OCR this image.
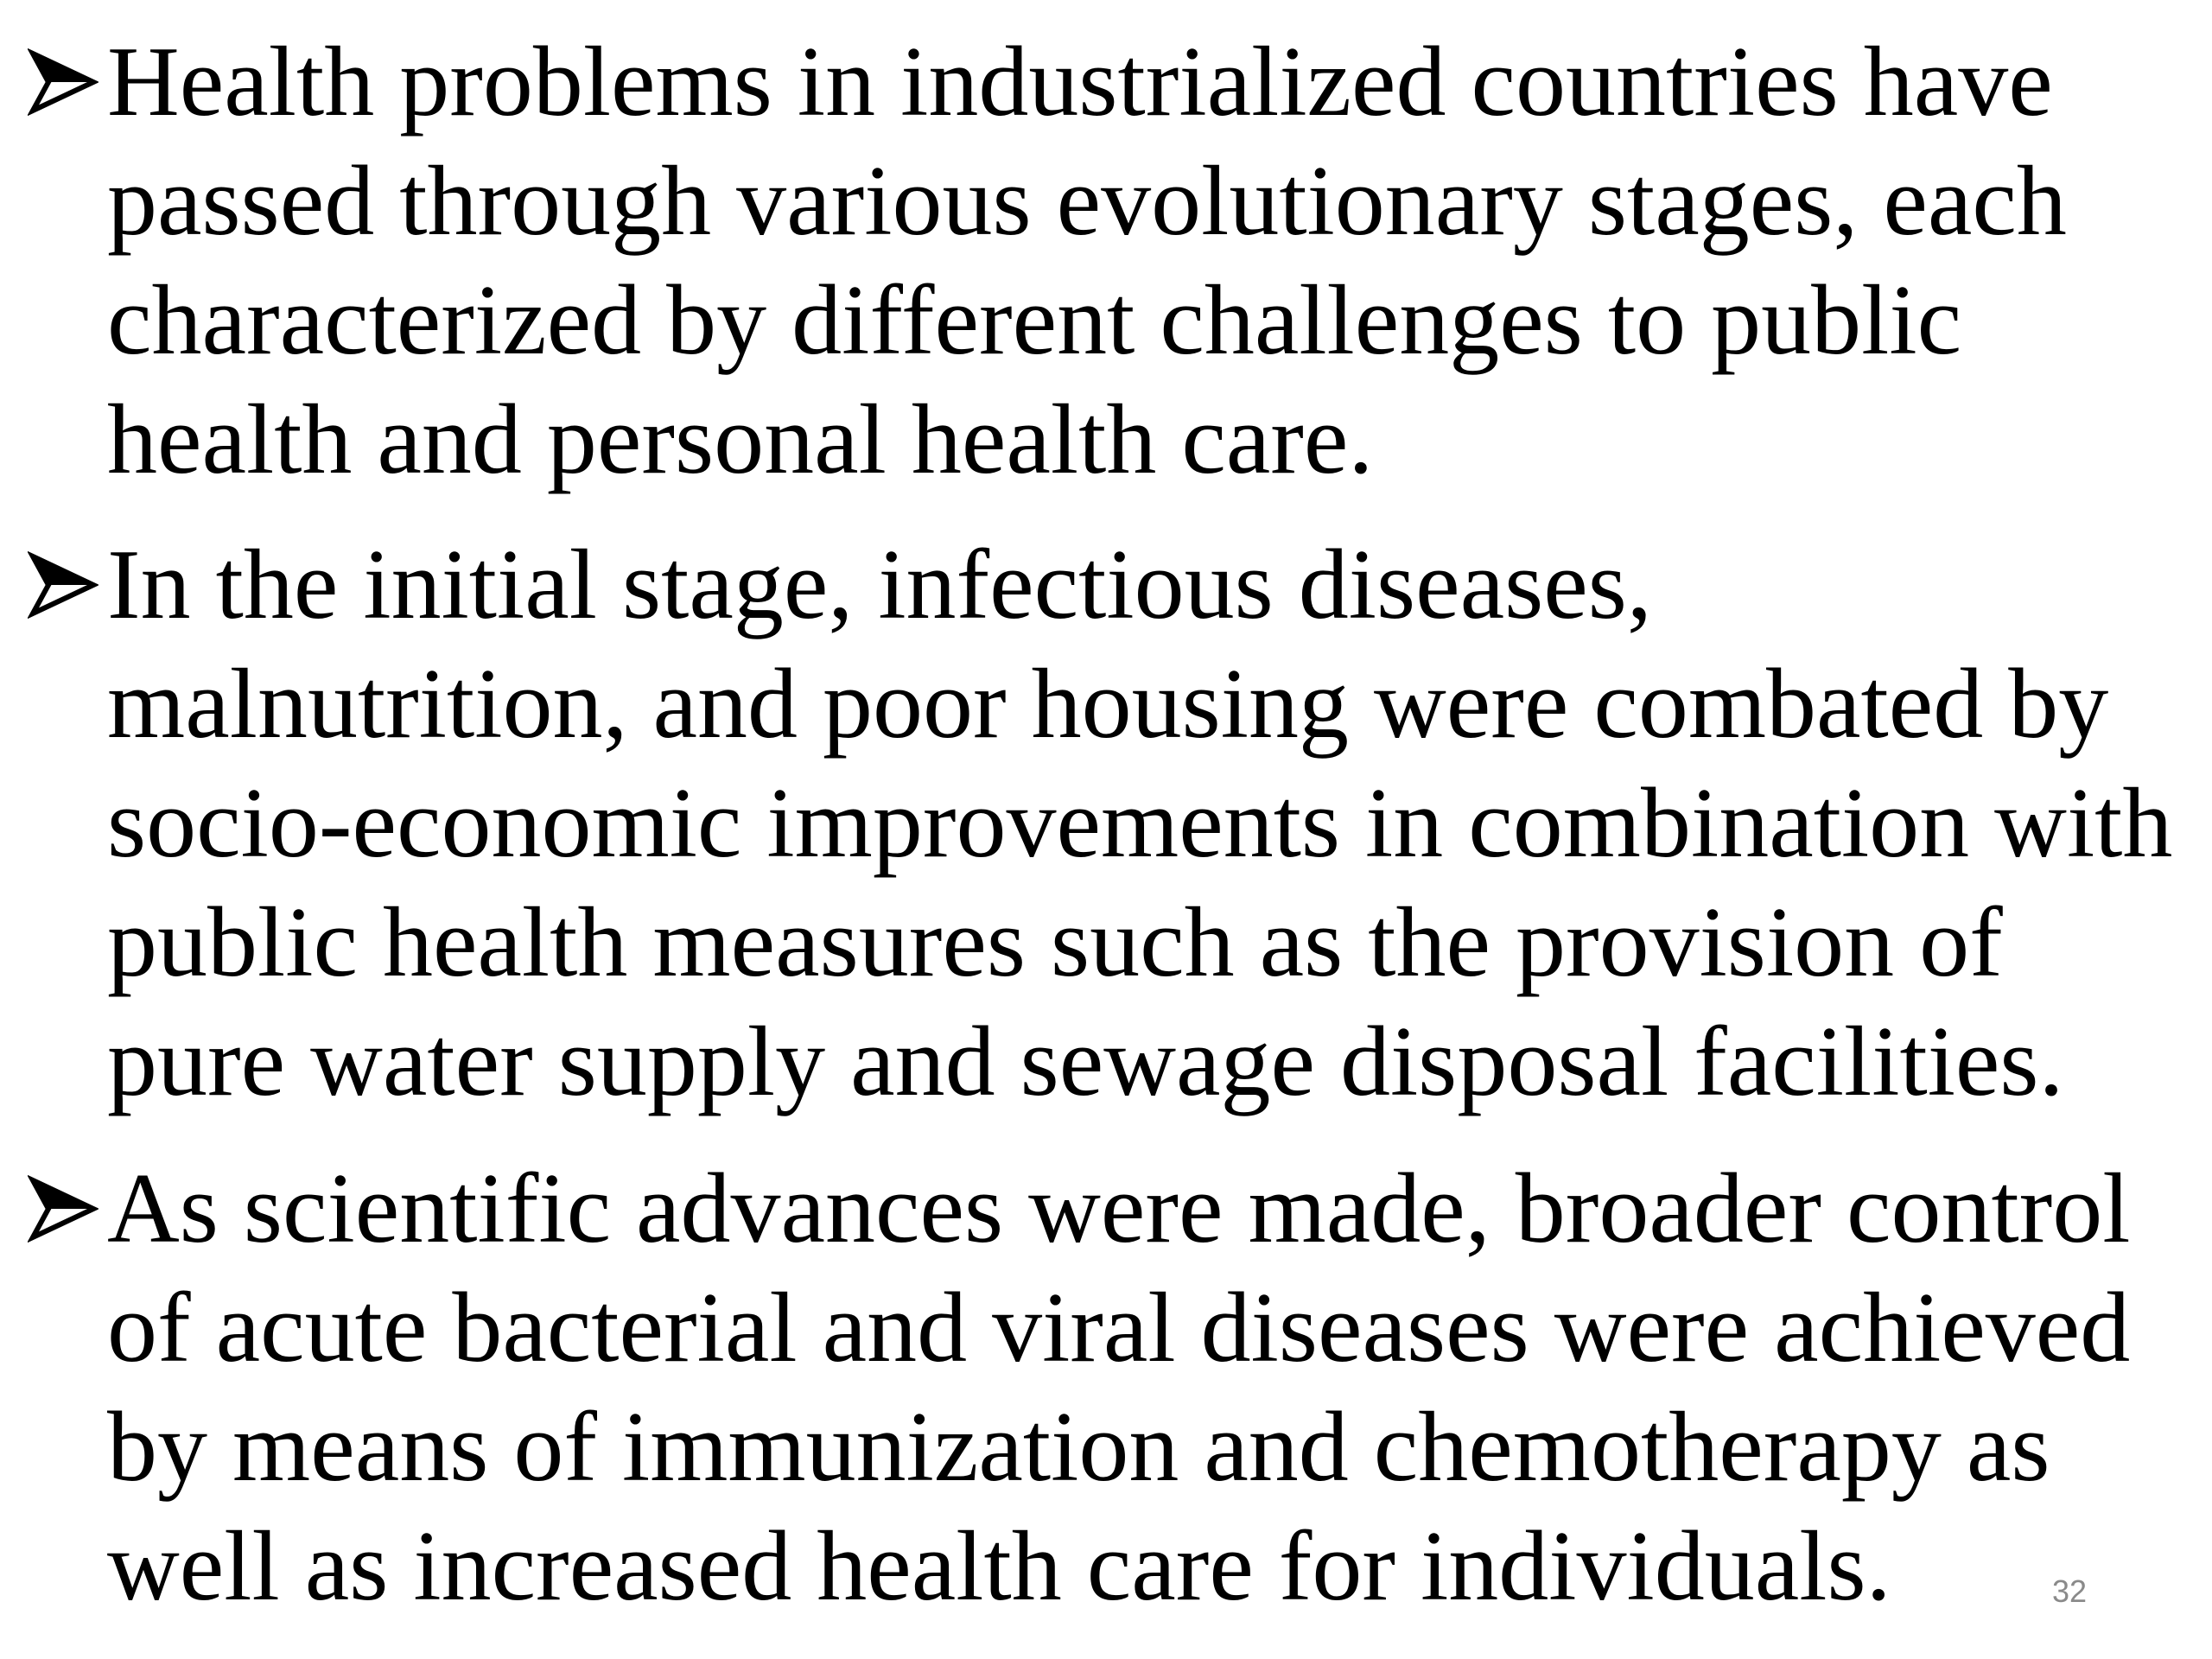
Health problems in industrialized countries have passed through various evolutionary stages, each characterized by different challenges to public health and personal health care.
In the initial stage, infectious diseases, malnutrition, and poor housing were combated by socio-economic improvements in combination with public health measures such as the provision of pure water supply and sewage disposal facilities.
As scientific advances were made, broader control of acute bacterial and viral diseases were achieved by means of immunization and chemotherapy as well as increased health care for individuals.	32
